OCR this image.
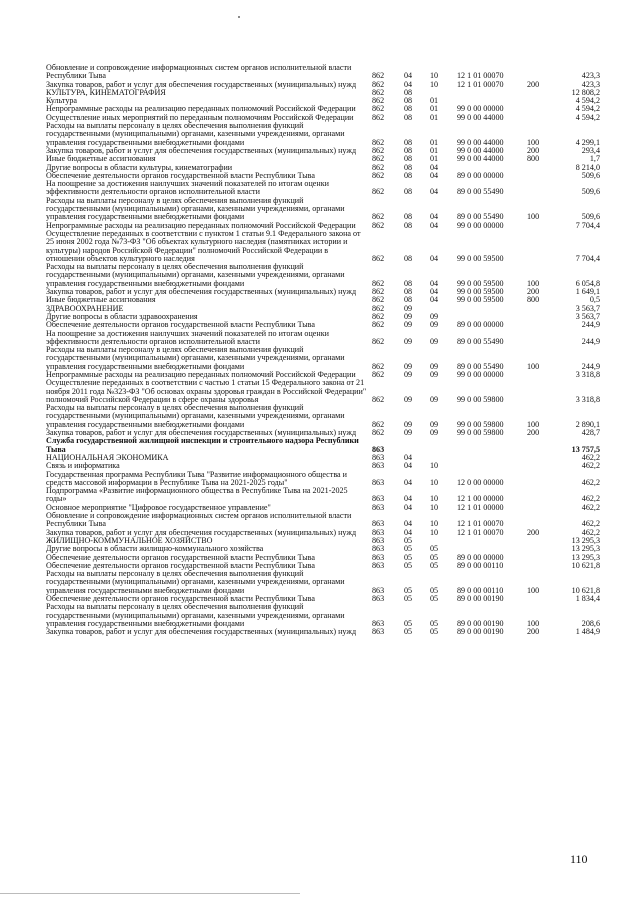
Обновление и сопровождение информационных систем органов исполнительной власти Республики Тыва	862	04	10	12 1 01 00070		423,3
Закупка товаров, работ и услуг для обеспечения государственных (муниципальных) нужд	862	04	10	12 1 01 00070	200	423,3
КУЛЬТУРА, КИНЕМАТОГРАФИЯ	862	08				12 808,2
Культура	862	08	01			4 594,2
Непрограммные расходы на реализацию переданных полномочий Российской Федерации	862	08	01	99 0 00 00000		4 594,2
Осуществление иных мероприятий по переданным полномочиям Российской Федерации	862	08	01	99 0 00 44000		4 594,2
Расходы на выплаты персоналу в целях обеспечения выполнения функций государственными (муниципальными) органами, казенными учреждениями, органами управления государственными внебюджетными фондами	862	08	01	99 0 00 44000	100	4 299,1
Закупка товаров, работ и услуг для обеспечения государственных (муниципальных) нужд	862	08	01	99 0 00 44000	200	293,4
Иные бюджетные ассигнования	862	08	01	99 0 00 44000	800	1,7
Другие вопросы в области культуры, кинематографии	862	08	04			8 214,0
Обеспечение деятельности органов государственной власти Республики Тыва	862	08	04	89 0 00 00000		509,6
На поощрение за достижения наилучших значений показателей по итогам оценки эффективности деятельности органов исполнительной власти	862	08	04	89 0 00 55490		509,6
Расходы на выплаты персоналу в целях обеспечения выполнения функций государственными (муниципальными) органами, казенными учреждениями, органами управления государственными внебюджетными фондами	862	08	04	89 0 00 55490	100	509,6
Непрограммные расходы на реализацию переданных полномочий Российской Федерации	862	08	04	99 0 00 00000		7 704,4
Осуществление переданных в соответствии с пунктом 1 статьи 9.1 Федерального закона от 25 июня 2002 года №73-ФЗ "Об объектах культурного наследия (памятниках истории и культуры) народов Российской Федерации" полномочий Российской Федерации в отношении объектов культурного наследия	862	08	04	99 0 00 59500		7 704,4
Расходы на выплаты персоналу в целях обеспечения выполнения функций государственными (муниципальными) органами, казенными учреждениями, органами управления государственными внебюджетными фондами	862	08	04	99 0 00 59500	100	6 054,8
Закупка товаров, работ и услуг для обеспечения государственных (муниципальных) нужд	862	08	04	99 0 00 59500	200	1 649,1
Иные бюджетные ассигнования	862	08	04	99 0 00 59500	800	0,5
ЗДРАВООХРАНЕНИЕ	862	09				3 563,7
Другие вопросы в области здравоохранения	862	09	09			3 563,7
Обеспечение деятельности органов государственной власти Республики Тыва	862	09	09	89 0 00 00000		244,9
На поощрение за достижения наилучших значений показателей по итогам оценки эффективности деятельности органов исполнительной власти	862	09	09	89 0 00 55490		244,9
Расходы на выплаты персоналу в целях обеспечения выполнения функций государственными (муниципальными) органами, казенными учреждениями, органами управления государственными внебюджетными фондами	862	09	09	89 0 00 55490	100	244,9
Непрограммные расходы на реализацию переданных полномочий Российской Федерации	862	09	09	99 0 00 00000		3 318,8
Осуществление переданных в соответствии с частью 1 статьи 15 Федерального закона от 21 ноября 2011 года №323-ФЗ "Об основах охраны здоровья граждан в Российской Федерации" полномочий Российской Федерации в сфере охраны здоровья	862	09	09	99 0 00 59800		3 318,8
Расходы на выплаты персоналу в целях обеспечения выполнения функций государственными (муниципальными) органами, казенными учреждениями, органами управления государственными внебюджетными фондами	862	09	09	99 0 00 59800	100	2 890,1
Закупка товаров, работ и услуг для обеспечения государственных (муниципальных) нужд	862	09	09	99 0 00 59800	200	428,7
Служба государственной жилищной инспекции и строительного надзора Республики Тыва	863					13 757,5
НАЦИОНАЛЬНАЯ ЭКОНОМИКА	863	04				462,2
Связь и информатика	863	04	10			462,2
Государственная программа Республики Тыва "Развитие информационного общества и средств массовой информации в Республике Тыва на 2021-2025 годы"	863	04	10	12 0 00 00000		462,2
Подпрограмма «Развитие информационного общества в Республике Тыва на 2021-2025 годы»	863	04	10	12 1 00 00000		462,2
Основное мероприятие "Цифровое государственное управление"	863	04	10	12 1 01 00000		462,2
Обновление и сопровождение информационных систем органов исполнительной власти Республики Тыва	863	04	10	12 1 01 00070		462,2
Закупка товаров, работ и услуг для обеспечения государственных (муниципальных) нужд	863	04	10	12 1 01 00070	200	462,2
ЖИЛИЩНО-КОММУНАЛЬНОЕ ХОЗЯЙСТВО	863	05				13 295,3
Другие вопросы в области жилищно-коммунального хозяйства	863	05	05			13 295,3
Обеспечение деятельности органов государственной власти Республики Тыва	863	05	05	89 0 00 00000		13 295,3
Обеспечение деятельности органов государственной власти Республики Тыва	863	05	05	89 0 00 00110		10 621,8
Расходы на выплаты персоналу в целях обеспечения выполнения функций государственными (муниципальными) органами, казенными учреждениями, органами управления государственными внебюджетными фондами	863	05	05	89 0 00 00110	100	10 621,8
Обеспечение деятельности органов государственной власти Республики Тыва	863	05	05	89 0 00 00190		1 834,4
Расходы на выплаты персоналу в целях обеспечения выполнения функций государственными (муниципальными) органами, казенными учреждениями, органами управления государственными внебюджетными фондами	863	05	05	89 0 00 00190	100	208,6
Закупка товаров, работ и услуг для обеспечения государственных (муниципальных) нужд	863	05	05	89 0 00 00190	200	1 484,9
110
